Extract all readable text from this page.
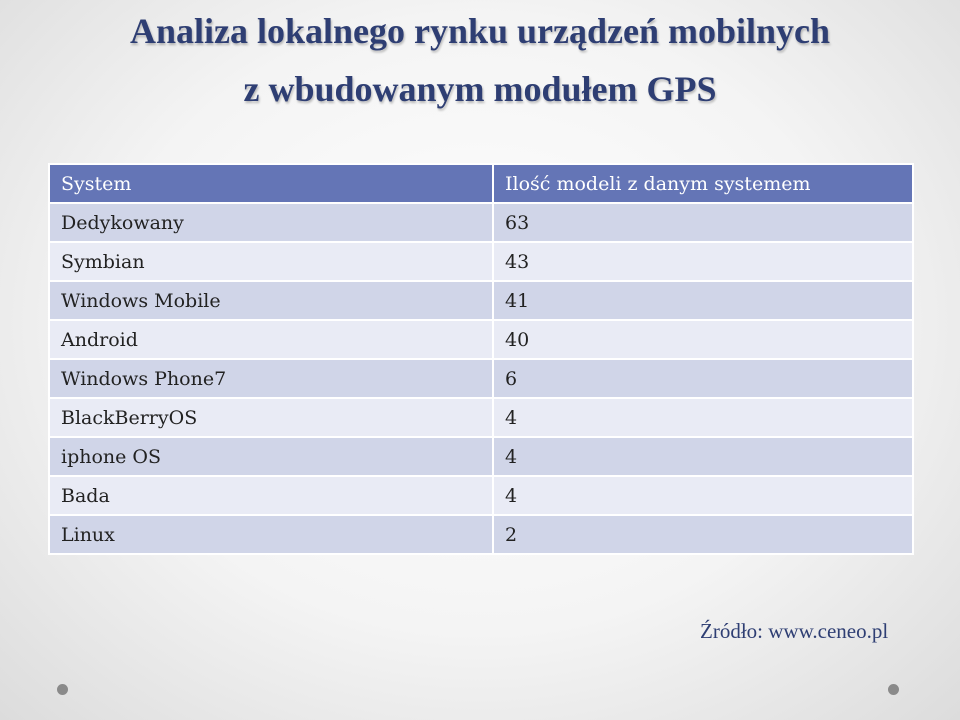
Analiza lokalnego rynku urządzeń mobilnych
z wbudowanym modułem GPS
System	Ilość modeli z danym systemem
Dedykowany	63
Symbian	43
Windows Mobile	41
Android	40
Windows Phone7	6
BlackBerryOS	4
iphone OS	4
Bada	4
Linux	2

Źródło: www.ceneo.pl
